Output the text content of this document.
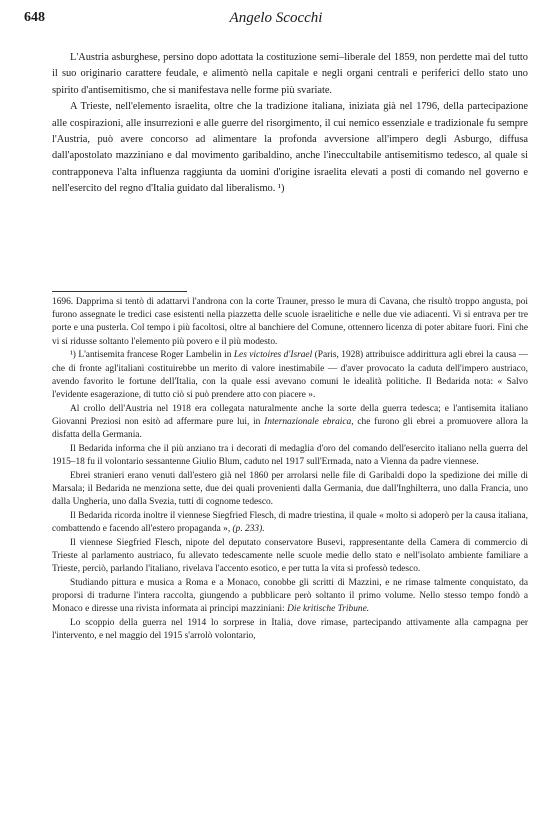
648	Angelo Scocchi

L'Austria asburghese, persino dopo adottata la costituzione semi–liberale del 1859, non perdette mai del tutto il suo originario carattere feudale, e alimentò nella capitale e negli organi centrali e periferici dello stato uno spirito d'antisemitismo, che si manifestava nelle forme più svariate.

A Trieste, nell'elemento israelita, oltre che la tradizione italiana, iniziata già nel 1796, della partecipazione alle cospirazioni, alle insurrezioni e alle guerre del risorgimento, il cui nemico essenziale e tradizionale fu sempre l'Austria, può avere concorso ad alimentare la profonda avversione all'impero degli Asburgo, diffusa dall'apostolato mazziniano e dal movimento garibaldino, anche l'ineccultabile antisemitismo tedesco, al quale si contrapponeva l'alta influenza raggiunta da uomini d'origine israelita elevati a posti di comando nel governo e nell'esercito del regno d'Italia guidato dal liberalismo. ¹)

1696. Dapprima si tentò di adattarvi l'androna con la corte Trauner, presso le mura di Cavana, che risultò troppo angusta, poi furono assegnate le tredici case esistenti nella piazzetta delle scuole israelitiche e nelle due vie adiacenti. Vi si entrava per tre porte e una pusterla. Col tempo i più facoltosi, oltre al banchiere del Comune, ottennero licenza di poter abitare fuori. Fini che vi si ridusse soltanto l'elemento più povero e il più modesto.

¹) L'antisemita francese Roger Lambelin in Les victoires d'Israel (Paris, 1928) attribuisce addirittura agli ebrei la causa — che di fronte agl'italiani costituirebbe un merito di valore inestimabile — d'aver provocato la caduta dell'impero austriaco, avendo favorito le fortune dell'Italia, con la quale essi avevano comuni le idealità politiche. Il Bedarida nota: « Salvo l'evidente esagerazione, di tutto ciò si può prendere atto con piacere ».

Al crollo dell'Austria nel 1918 era collegata naturalmente anche la sorte della guerra tedesca; e l'antisemita italiano Giovanni Preziosi non esitò ad affermare pure lui, in Internazionale ebraica, che furono gli ebrei a promuovere allora la disfatta della Germania.

Il Bedarida informa che il più anziano tra i decorati di medaglia d'oro del comando dell'esercito italiano nella guerra del 1915–18 fu il volontario sessantenne Giulio Blum, caduto nel 1917 sull'Ermada, nato a Vienna da padre viennese.

Ebrei stranieri erano venuti dall'estero già nel 1860 per arrolarsi nelle file di Garibaldi dopo la spedizione dei mille di Marsala; il Bedarida ne menziona sette, due dei quali provenienti dalla Germania, due dall'Inghilterra, uno dalla Francia, uno dalla Ungheria, uno dalla Svezia, tutti di cognome tedesco.

Il Bedarida ricorda inoltre il viennese Siegfried Flesch, di madre triestina, il quale « molto si adoperò per la causa italiana, combattendo e facendo all'estero propaganda », (p. 233).

Il viennese Siegfried Flesch, nipote del deputato conservatore Busevi, rappresentante della Camera di commercio di Trieste al parlamento austriaco, fu allevato tedescamente nelle scuole medie dello stato e nell'isolato ambiente familiare a Trieste, perciò, parlando l'italiano, rivelava l'accento esotico, e per tutta la vita si professò tedesco.

Studiando pittura e musica a Roma e a Monaco, conobbe gli scritti di Mazzini, e ne rimase talmente conquistato, da proporsi di tradurne l'intera raccolta, giungendo a pubblicare però soltanto il primo volume. Nello stesso tempo fondò a Monaco e diresse una rivista informata ai principi mazziniani: Die kritische Tribune.

Lo scoppio della guerra nel 1914 lo sorprese in Italia, dove rimase, partecipando attivamente alla campagna per l'intervento, e nel maggio del 1915 s'arrolò volontario,
